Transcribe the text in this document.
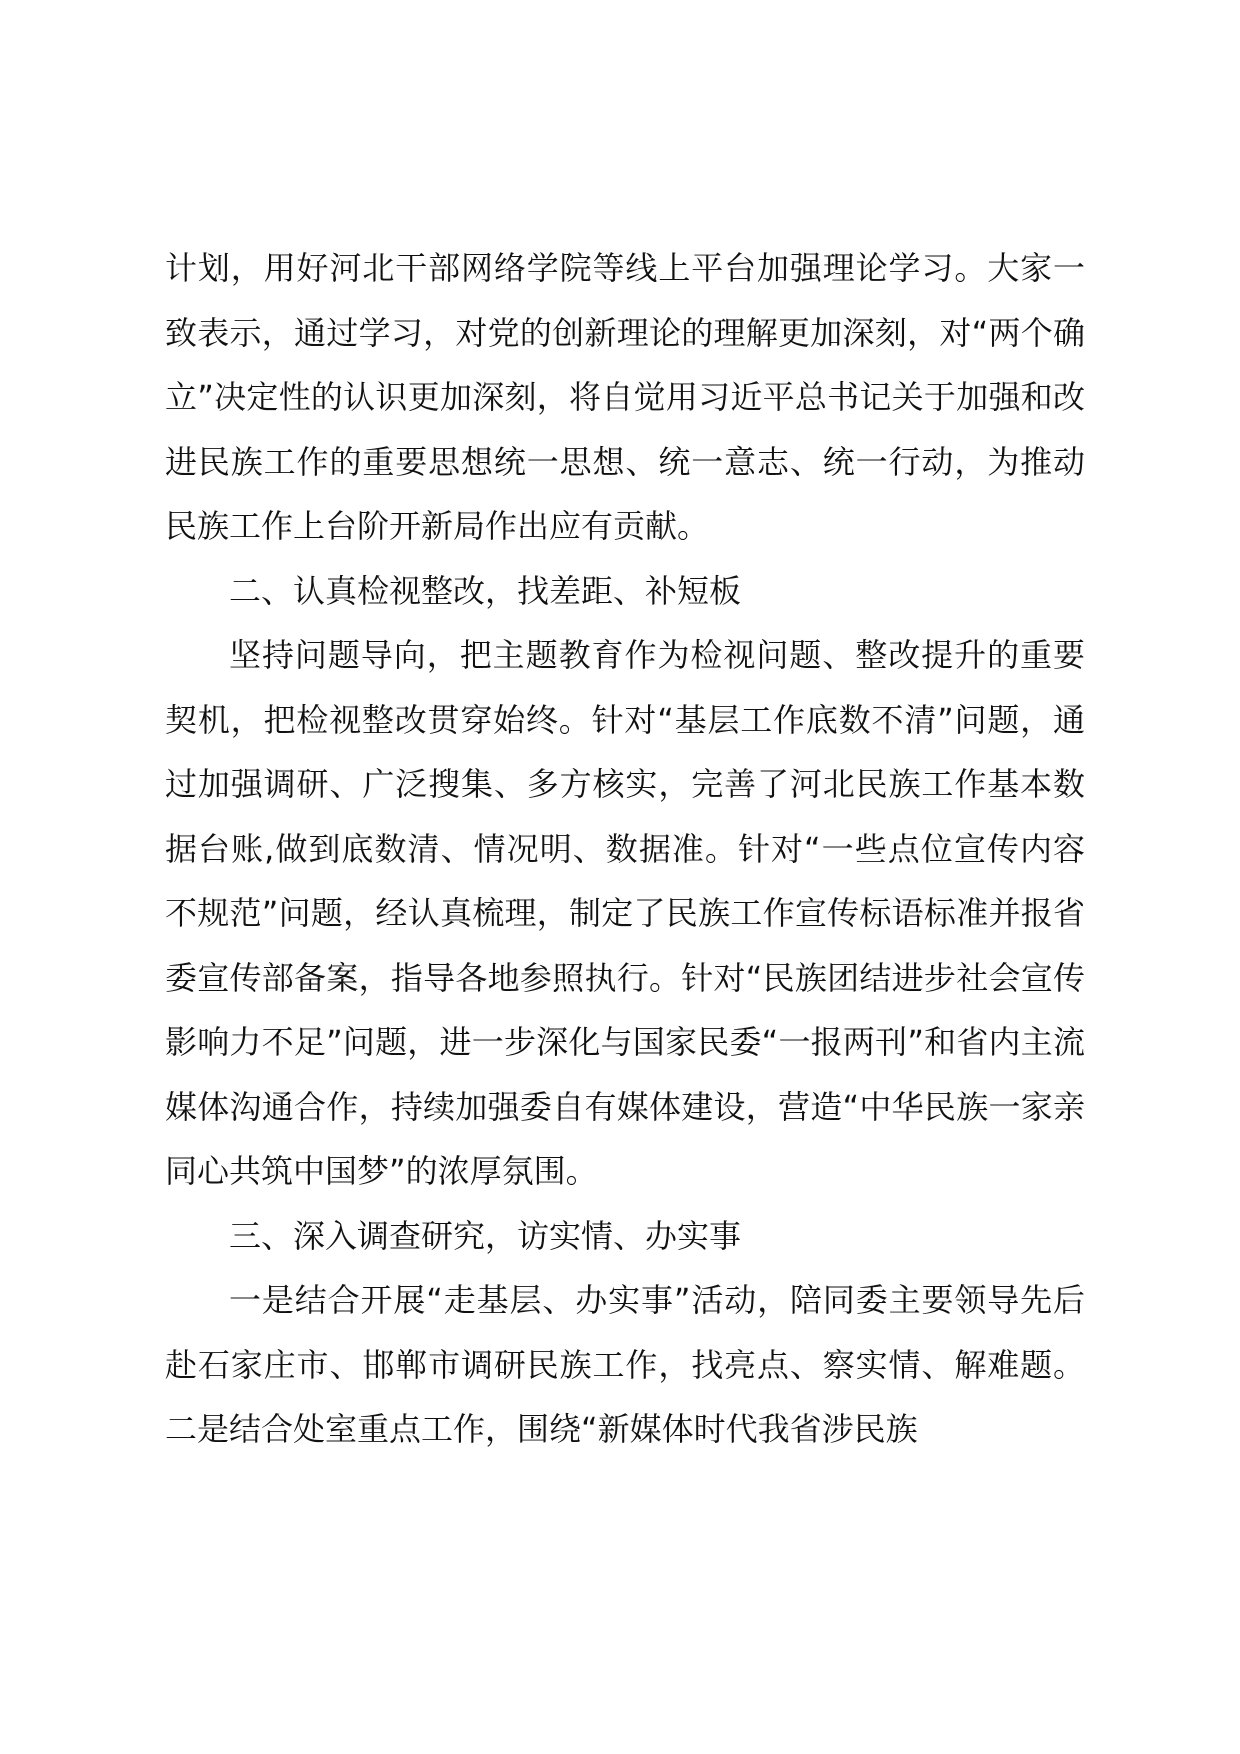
计划，用好河北干部网络学院等线上平台加强理论学习。大家一致表示，通过学习，对党的创新理论的理解更加深刻，对“两个确立”决定性的认识更加深刻，将自觉用习近平总书记关于加强和改进民族工作的重要思想统一思想、统一意志、统一行动，为推动民族工作上台阶开新局作出应有贡献。

二、认真检视整改，找差距、补短板

坚持问题导向，把主题教育作为检视问题、整改提升的重要契机，把检视整改贯穿始终。针对“基层工作底数不清”问题，通过加强调研、广泛搜集、多方核实，完善了河北民族工作基本数据台账,做到底数清、情况明、数据准。针对“一些点位宣传内容不规范”问题，经认真梳理，制定了民族工作宣传标语标准并报省委宣传部备案，指导各地参照执行。针对“民族团结进步社会宣传影响力不足”问题，进一步深化与国家民委“一报两刊”和省内主流媒体沟通合作，持续加强委自有媒体建设，营造“中华民族一家亲 同心共筑中国梦”的浓厚氛围。

三、深入调查研究，访实情、办实事

一是结合开展“走基层、办实事”活动，陪同委主要领导先后赴石家庄市、邯郸市调研民族工作，找亮点、察实情、解难题。二是结合处室重点工作，围绕“新媒体时代我省涉民族
